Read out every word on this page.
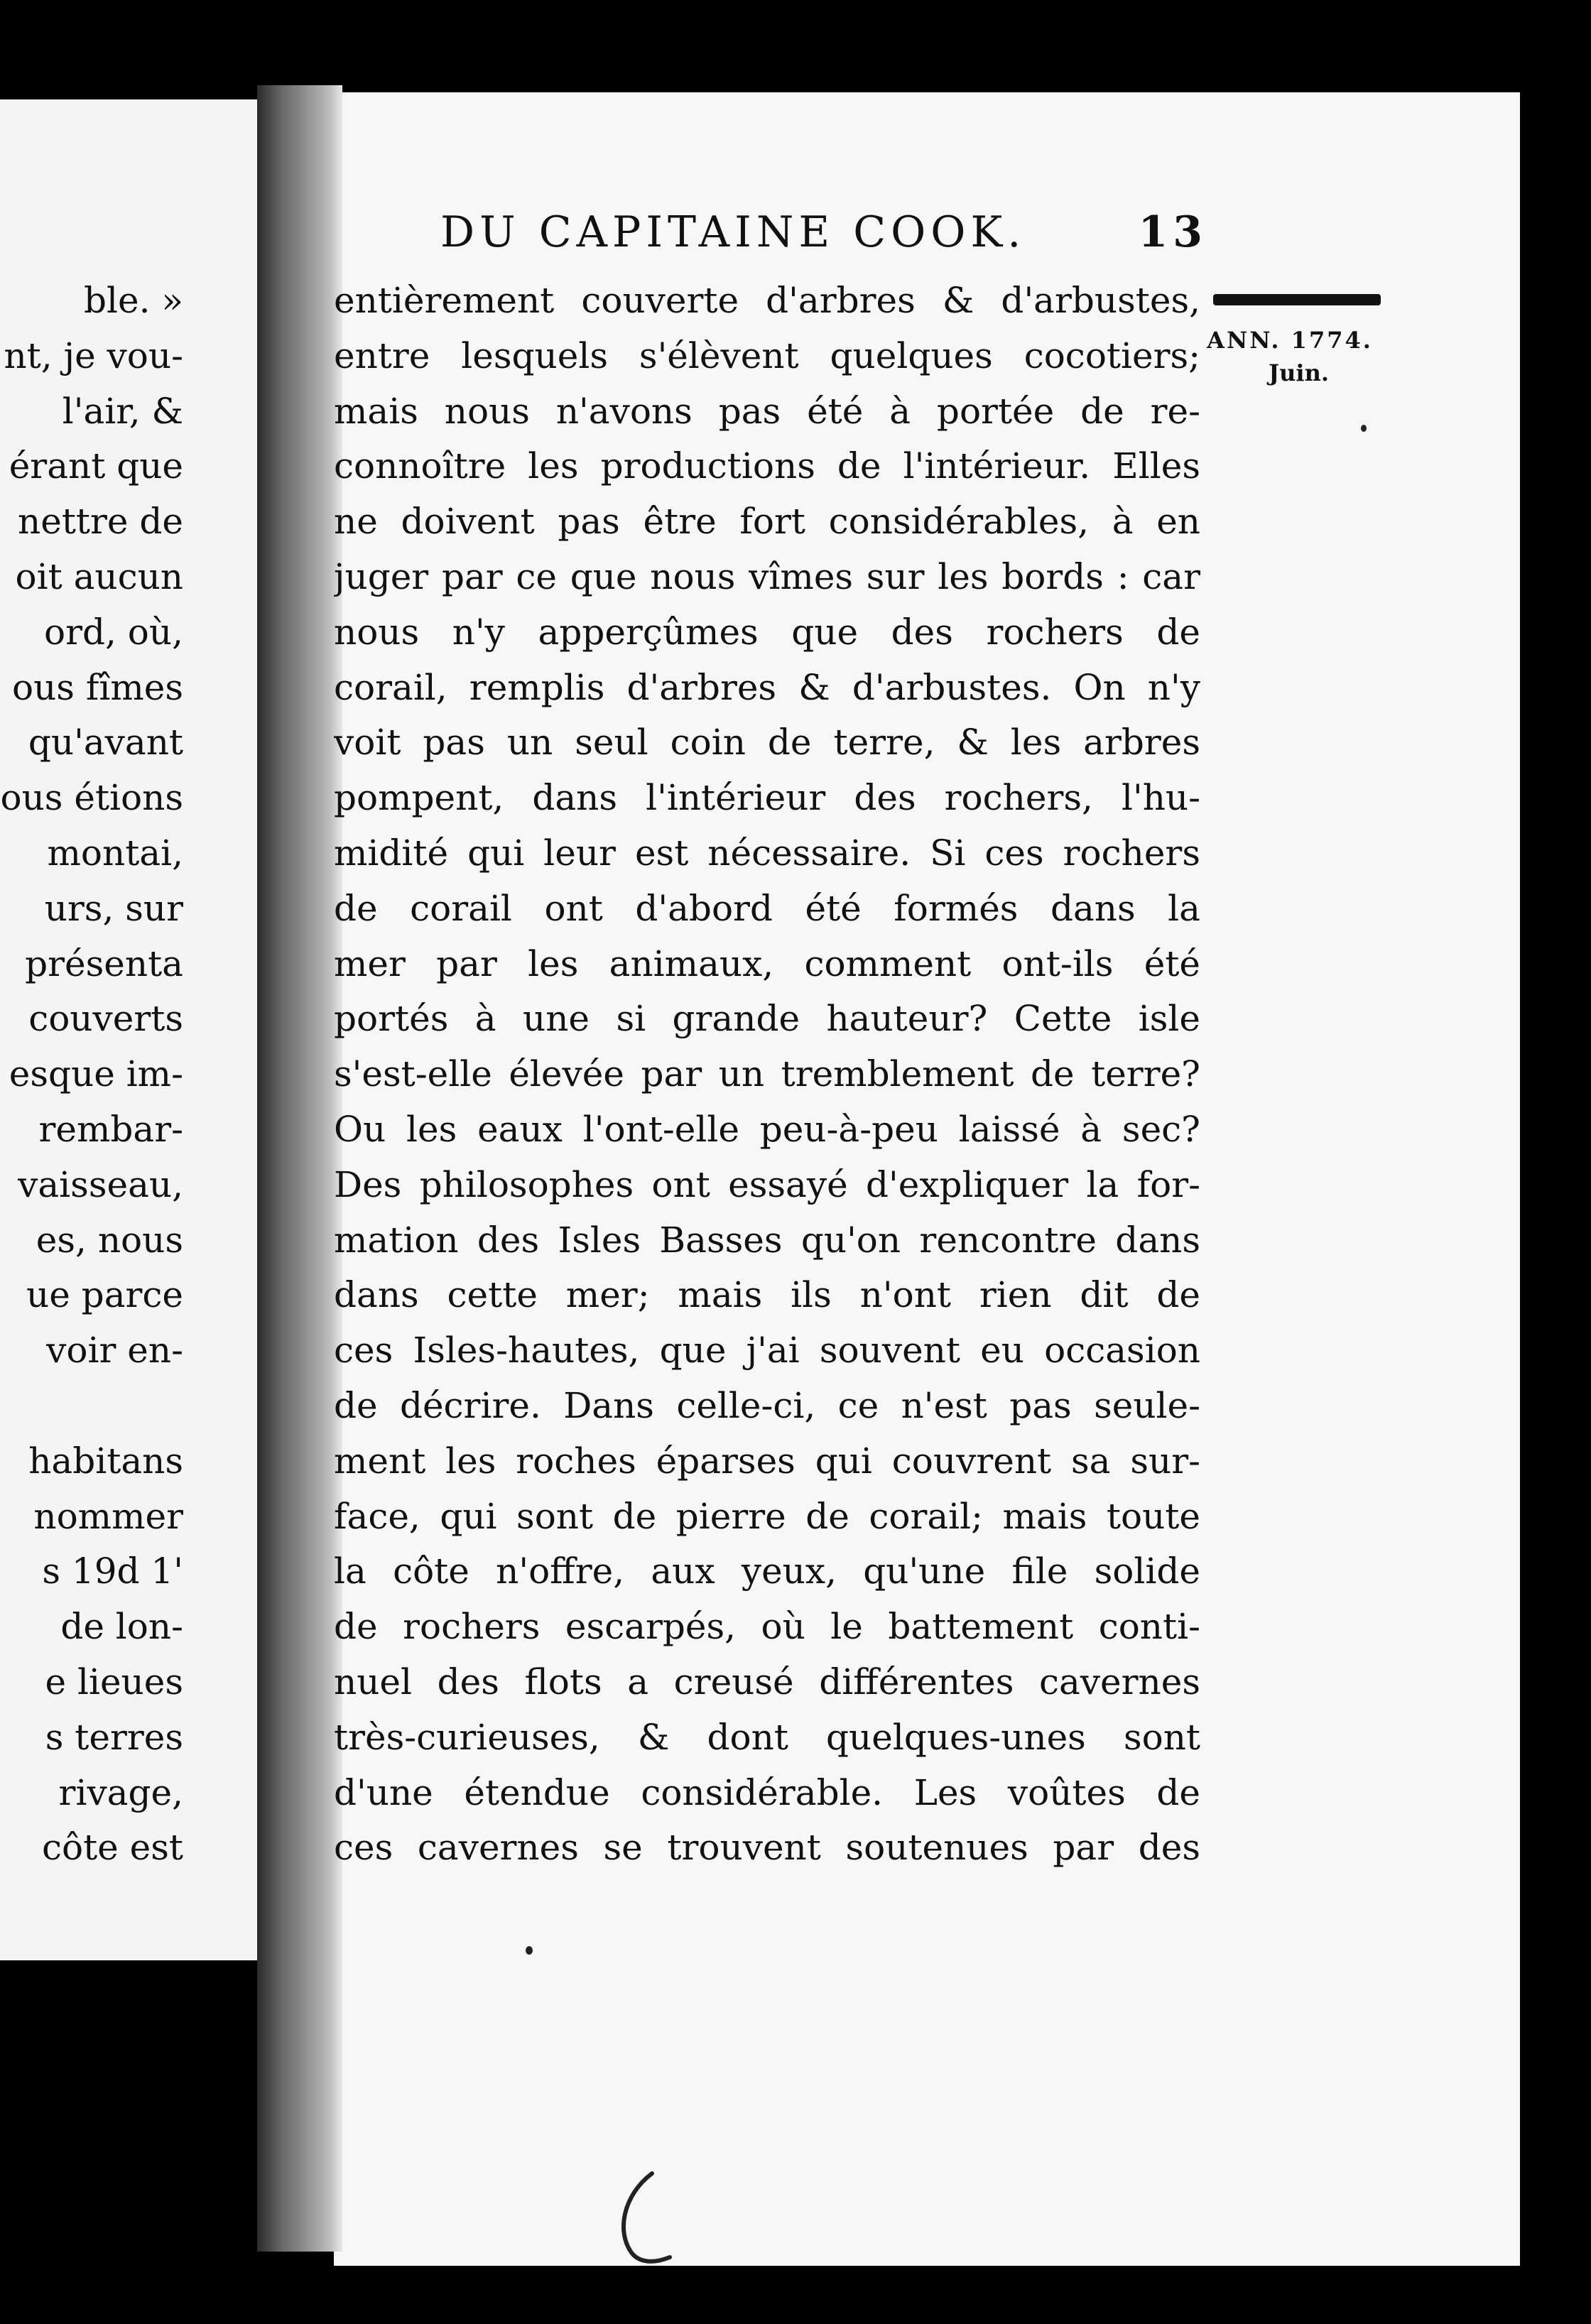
ble. »
nt, je vou-
l'air, &
érant que
nettre de
oit aucun
ord, où,
ous fîmes
qu'avant
ous étions
montai,
urs, sur
présenta
couverts
esque im-
rembar-
vaisseau,
es, nous
ue parce
voir en-
habitans
nommer
s 19d 1'
de lon-
e lieues
s terres
rivage,
côte est
DU CAPITAINE COOK.	13
ANN. 1774.
Juin.
entièrement couverte d'arbres & d'arbustes,
entre lesquels s'élèvent quelques cocotiers;
mais nous n'avons pas été à portée de re-
connoître les productions de l'intérieur. Elles
ne doivent pas être fort considérables, à en
juger par ce que nous vîmes sur les bords : car
nous n'y apperçûmes que des rochers de
corail, remplis d'arbres & d'arbustes. On n'y
voit pas un seul coin de terre, & les arbres
pompent, dans l'intérieur des rochers, l'hu-
midité qui leur est nécessaire. Si ces rochers
de corail ont d'abord été formés dans la
mer par les animaux, comment ont-ils été
portés à une si grande hauteur? Cette isle
s'est-elle élevée par un tremblement de terre?
Ou les eaux l'ont-elle peu-à-peu laissé à sec?
Des philosophes ont essayé d'expliquer la for-
mation des Isles Basses qu'on rencontre dans
dans cette mer; mais ils n'ont rien dit de
ces Isles-hautes, que j'ai souvent eu occasion
de décrire. Dans celle-ci, ce n'est pas seule-
ment les roches éparses qui couvrent sa sur-
face, qui sont de pierre de corail; mais toute
la côte n'offre, aux yeux, qu'une file solide
de rochers escarpés, où le battement conti-
nuel des flots a creusé différentes cavernes
très-curieuses, & dont quelques-unes sont
d'une étendue considérable. Les voûtes de
ces cavernes se trouvent soutenues par des
